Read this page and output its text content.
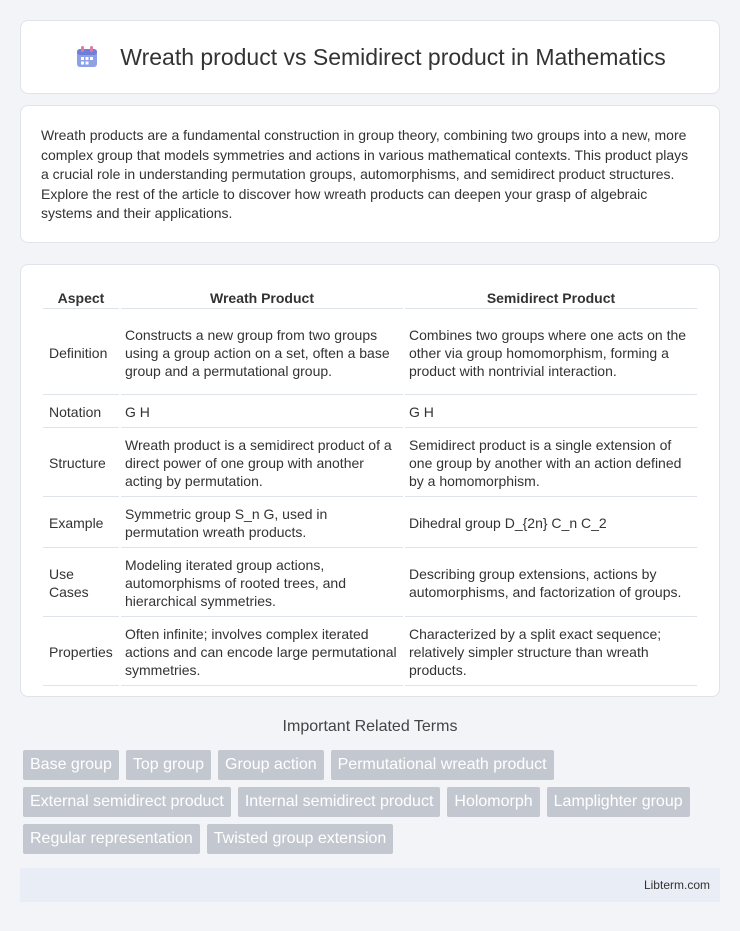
Wreath product vs Semidirect product in Mathematics

Wreath products are a fundamental construction in group theory, combining two groups into a new, more complex group that models symmetries and actions in various mathematical contexts. This product plays a crucial role in understanding permutation groups, automorphisms, and semidirect product structures. Explore the rest of the article to discover how wreath products can deepen your grasp of algebraic systems and their applications.

Aspect	Wreath Product	Semidirect Product
Definition	Constructs a new group from two groups using a group action on a set, often a base group and a permutational group.	Combines two groups where one acts on the other via group homomorphism, forming a product with nontrivial interaction.
Notation	G H	G H
Structure	Wreath product is a semidirect product of a direct power of one group with another acting by permutation.	Semidirect product is a single extension of one group by another with an action defined by a homomorphism.
Example	Symmetric group S_n G, used in permutation wreath products.	Dihedral group D_{2n} C_n C_2
Use Cases	Modeling iterated group actions, automorphisms of rooted trees, and hierarchical symmetries.	Describing group extensions, actions by automorphisms, and factorization of groups.
Properties	Often infinite; involves complex iterated actions and can encode large permutational symmetries.	Characterized by a split exact sequence; relatively simpler structure than wreath products.
Important Related Terms
Base group	Top group	Group action	Permutational wreath product
External semidirect product	Internal semidirect product	Holomorph	Lamplighter group
Regular representation	Twisted group extension
Libterm.com
